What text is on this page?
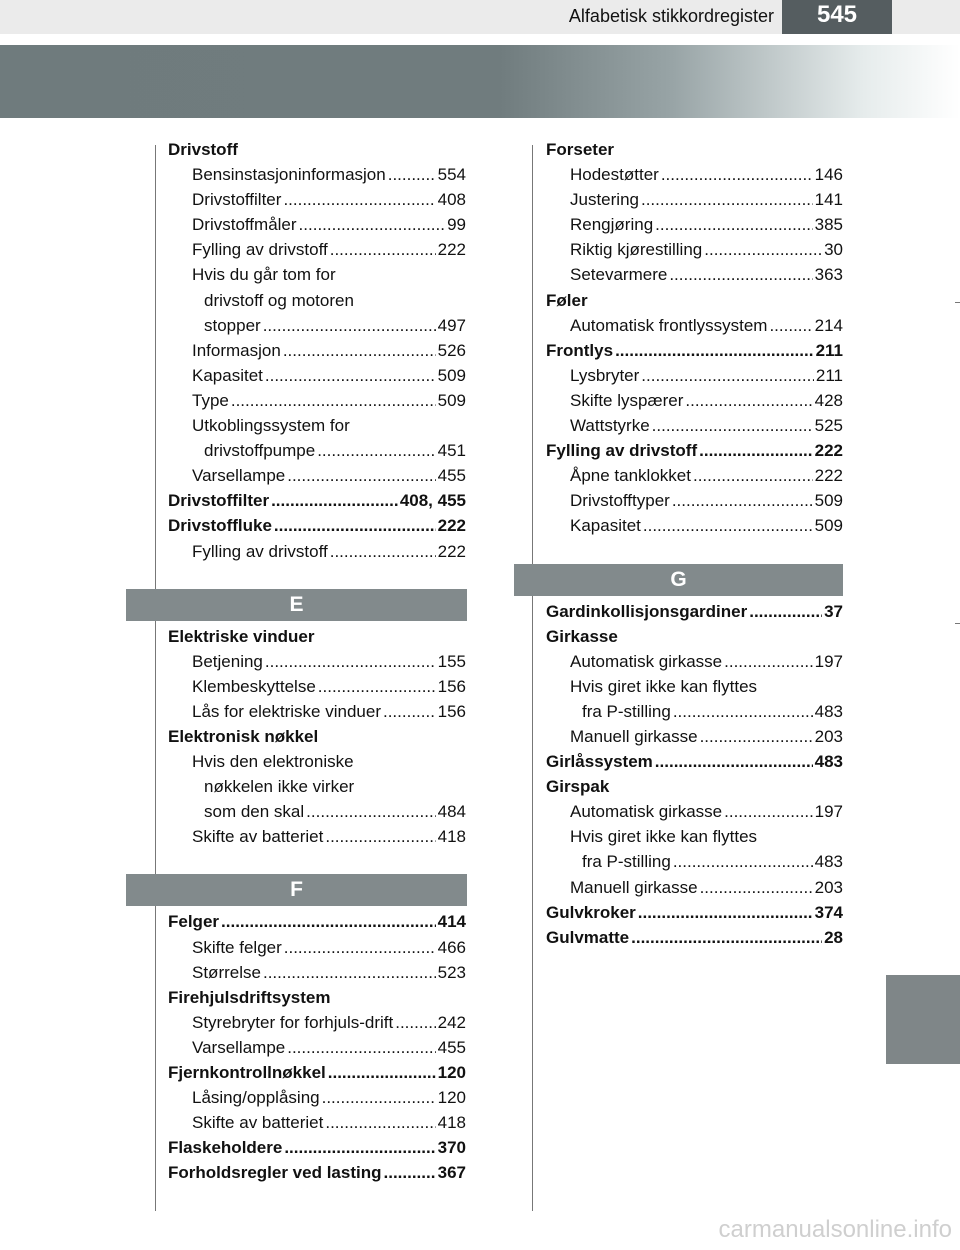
Alfabetisk stikkordregister	545
Drivstoff
Bensinstasjoninformasjon .....	554
Drivstoffilter .....	408
Drivstoffmåler .....	99
Fylling av drivstoff .....	222
Hvis du går tom for
drivstoff og motoren
stopper .....	497
Informasjon .....	526
Kapasitet .....	509
Type .....	509
Utkoblingssystem for
drivstoffpumpe .....	451
Varsellampe .....	455
Drivstoffilter .....	408, 455
Drivstoffluke .....	222
Fylling av drivstoff .....	222
E
Elektriske vinduer
Betjening .....	155
Klembeskyttelse .....	156
Lås for elektriske vinduer .....	156
Elektronisk nøkkel
Hvis den elektroniske
nøkkelen ikke virker
som den skal .....	484
Skifte av batteriet .....	418
F
Felger .....	414
Skifte felger .....	466
Størrelse .....	523
Firehjulsdriftsystem
Styrebryter for forhjuls-drift .....	242
Varsellampe .....	455
Fjernkontrollnøkkel .....	120
Låsing/opplåsing .....	120
Skifte av batteriet .....	418
Flaskeholdere .....	370
Forholdsregler ved lasting .....	367
Forseter
Hodestøtter .....	146
Justering .....	141
Rengjøring .....	385
Riktig kjørestilling .....	30
Setevarmere .....	363
Føler
Automatisk frontlyssystem .....	214
Frontlys .....	211
Lysbryter .....	211
Skifte lyspærer .....	428
Wattstyrke .....	525
Fylling av drivstoff .....	222
Åpne tanklokket .....	222
Drivstofftyper .....	509
Kapasitet .....	509
G
Gardinkollisjonsgardiner .....	37
Girkasse
Automatisk girkasse .....	197
Hvis giret ikke kan flyttes
fra P-stilling .....	483
Manuell girkasse .....	203
Girlåssystem .....	483
Girspak
Automatisk girkasse .....	197
Hvis giret ikke kan flyttes
fra P-stilling .....	483
Manuell girkasse .....	203
Gulvkroker .....	374
Gulvmatte .....	28
carmanualsonline.info
